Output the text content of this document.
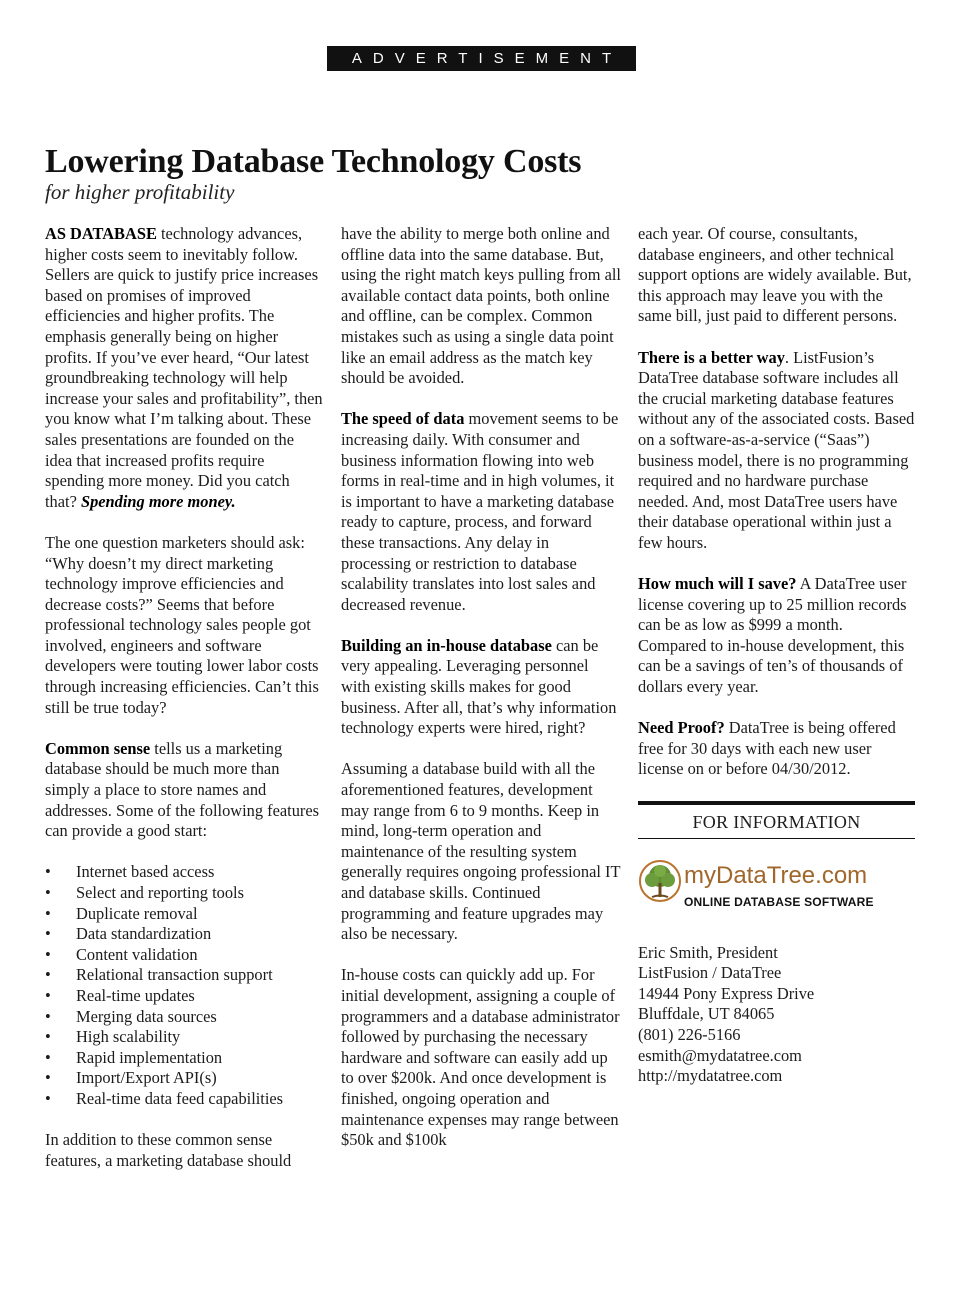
ADVERTISEMENT
Lowering Database Technology Costs
for higher profitability

AS DATABASE technology advances, higher costs seem to inevitably follow. Sellers are quick to justify price increases based on promises of improved efficiencies and higher profits. The emphasis generally being on higher profits. If you’ve ever heard, “Our latest groundbreaking technology will help increase your sales and profitability”, then you know what I’m talking about. These sales presentations are founded on the idea that increased profits require spending more money. Did you catch that? Spending more money.

The one question marketers should ask: “Why doesn’t my direct marketing technology improve efficiencies and decrease costs?” Seems that before professional technology sales people got involved, engineers and software developers were touting lower labor costs through increasing efficiencies. Can’t this still be true today?

Common sense tells us a marketing database should be much more than simply a place to store names and addresses. Some of the following features can provide a good start:

• Internet based access
• Select and reporting tools
• Duplicate removal
• Data standardization
• Content validation
• Relational transaction support
• Real-time updates
• Merging data sources
• High scalability
• Rapid implementation
• Import/Export API(s)
• Real-time data feed capabilities

In addition to these common sense features, a marketing database should

have the ability to merge both online and offline data into the same database. But, using the right match keys pulling from all available contact data points, both online and offline, can be complex. Common mistakes such as using a single data point like an email address as the match key should be avoided.

The speed of data movement seems to be increasing daily. With consumer and business information flowing into web forms in real-time and in high volumes, it is important to have a marketing database ready to capture, process, and forward these transactions. Any delay in processing or restriction to database scalability translates into lost sales and decreased revenue.

Building an in-house database can be very appealing. Leveraging personnel with existing skills makes for good business. After all, that’s why information technology experts were hired, right?

Assuming a database build with all the aforementioned features, development may range from 6 to 9 months. Keep in mind, long-term operation and maintenance of the resulting system generally requires ongoing professional IT and database skills. Continued programming and feature upgrades may also be necessary.

In-house costs can quickly add up. For initial development, assigning a couple of programmers and a database administrator followed by purchasing the necessary hardware and software can easily add up to over $200k. And once development is finished, ongoing operation and maintenance expenses may range between $50k and $100k

each year. Of course, consultants, database engineers, and other technical support options are widely available. But, this approach may leave you with the same bill, just paid to different persons.

There is a better way. ListFusion’s DataTree database software includes all the crucial marketing database features without any of the associated costs. Based on a software-as-a-service (“Saas”) business model, there is no programming required and no hardware purchase needed. And, most DataTree users have their database operational within just a few hours.

How much will I save? A DataTree user license covering up to 25 million records can be as low as $999 a month. Compared to in-house development, this can be a savings of ten’s of thousands of dollars every year.

Need Proof? DataTree is being offered free for 30 days with each new user license on or before 04/30/2012.

FOR INFORMATION
myDataTree.com
ONLINE DATABASE SOFTWARE
Eric Smith, President
ListFusion / DataTree
14944 Pony Express Drive
Bluffdale, UT 84065
(801) 226-5166
esmith@mydatatree.com
http://mydatatree.com
